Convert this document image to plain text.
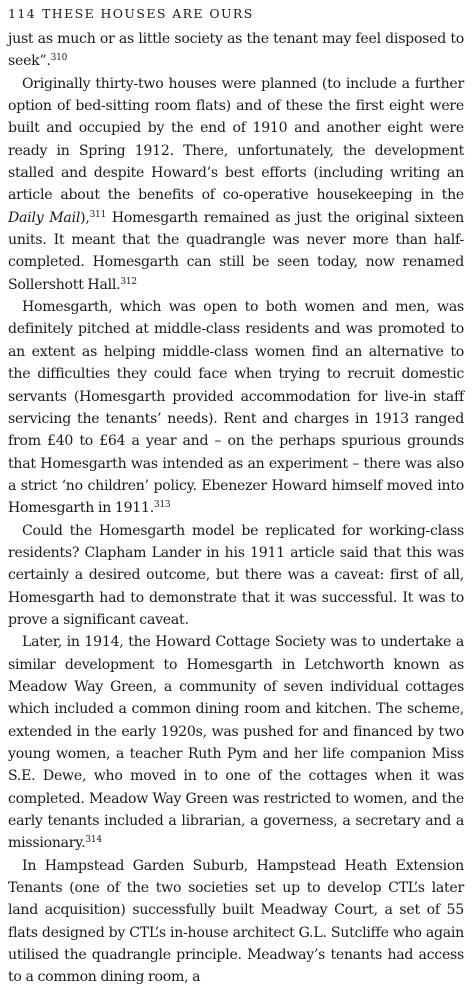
114 THESE HOUSES ARE OURS

just as much or as little society as the tenant may feel disposed to seek”.$^{310}$

Originally thirty-two houses were planned (to include a further option of bed-sitting room flats) and of these the first eight were built and occupied by the end of 1910 and another eight were ready in Spring 1912. There, unfortunately, the development stalled and despite Howard’s best efforts (including writing an article about the benefits of co-operative housekeeping in the Daily Mail),$^{311}$ Homesgarth remained as just the original sixteen units. It meant that the quadrangle was never more than half-completed. Homesgarth can still be seen today, now renamed Sollershott Hall.$^{312}$

Homesgarth, which was open to both women and men, was definitely pitched at middle-class residents and was promoted to an extent as helping middle-class women find an alternative to the difficulties they could face when trying to recruit domestic servants (Homesgarth provided accommodation for live-in staff servicing the tenants’ needs). Rent and charges in 1913 ranged from £40 to £64 a year and – on the perhaps spurious grounds that Homesgarth was intended as an experiment – there was also a strict ‘no children’ policy. Ebenezer Howard himself moved into Homesgarth in 1911.$^{313}$

Could the Homesgarth model be replicated for working-class residents? Clapham Lander in his 1911 article said that this was certainly a desired outcome, but there was a caveat: first of all, Homesgarth had to demonstrate that it was successful. It was to prove a significant caveat.

Later, in 1914, the Howard Cottage Society was to undertake a similar development to Homesgarth in Letchworth known as Meadow Way Green, a community of seven individual cottages which included a common dining room and kitchen. The scheme, extended in the early 1920s, was pushed for and financed by two young women, a teacher Ruth Pym and her life companion Miss S.E. Dewe, who moved in to one of the cottages when it was completed. Meadow Way Green was restricted to women, and the early tenants included a librarian, a governess, a secretary and a missionary.$^{314}$

In Hampstead Garden Suburb, Hampstead Heath Extension Tenants (one of the two societies set up to develop CTL’s later land acquisition) successfully built Meadway Court, a set of 55 flats designed by CTL’s in-house architect G.L. Sutcliffe who again utilised the quadrangle principle. Meadway’s tenants had access to a common dining room, a
